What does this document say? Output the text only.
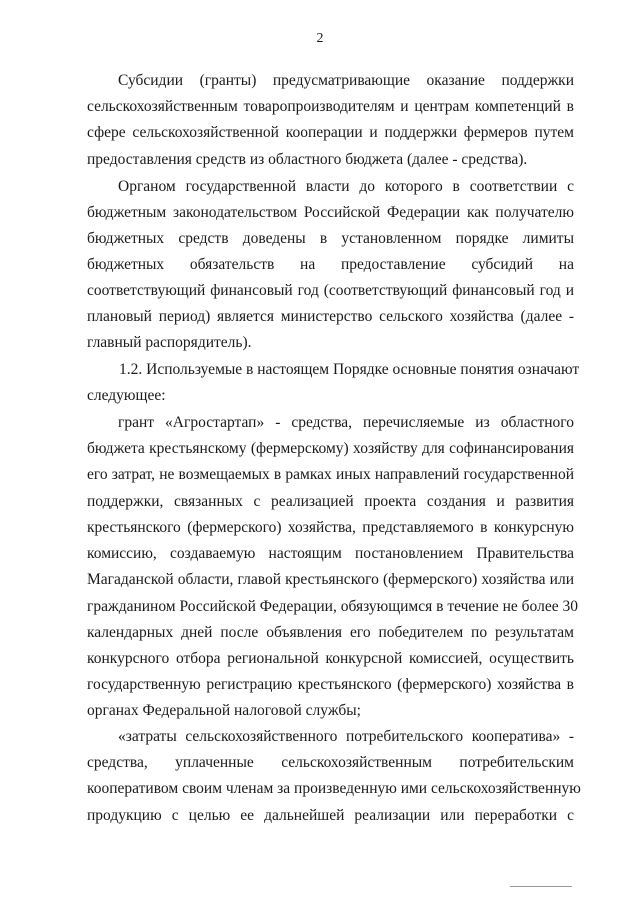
2
Субсидии (гранты) предусматривающие оказание поддержки
сельскохозяйственным товаропроизводителям и центрам компетенций в
сфере сельскохозяйственной кооперации и поддержки фермеров путем
предоставления средств из областного бюджета (далее - средства).
Органом государственной власти до которого в соответствии с
бюджетным законодательством Российской Федерации как получателю
бюджетных средств доведены в установленном порядке лимиты
бюджетных обязательств на предоставление субсидий на
соответствующий финансовый год (соответствующий финансовый год и
плановый период) является министерство сельского хозяйства (далее -
главный распорядитель).
1.2. Используемые в настоящем Порядке основные понятия означают
следующее:
грант «Агростартап» - средства, перечисляемые из областного
бюджета крестьянскому (фермерскому) хозяйству для софинансирования
его затрат, не возмещаемых в рамках иных направлений государственной
поддержки, связанных с реализацией проекта создания и развития
крестьянского (фермерского) хозяйства, представляемого в конкурсную
комиссию, создаваемую настоящим постановлением Правительства
Магаданской области, главой крестьянского (фермерского) хозяйства или
гражданином Российской Федерации, обязующимся в течение не более 30
календарных дней после объявления его победителем по результатам
конкурсного отбора региональной конкурсной комиссией, осуществить
государственную регистрацию крестьянского (фермерского) хозяйства в
органах Федеральной налоговой службы;
«затраты сельскохозяйственного потребительского кооператива» -
средства, уплаченные сельскохозяйственным потребительским
кооперативом своим членам за произведенную ими сельскохозяйственную
продукцию с целью ее дальнейшей реализации или переработки с
